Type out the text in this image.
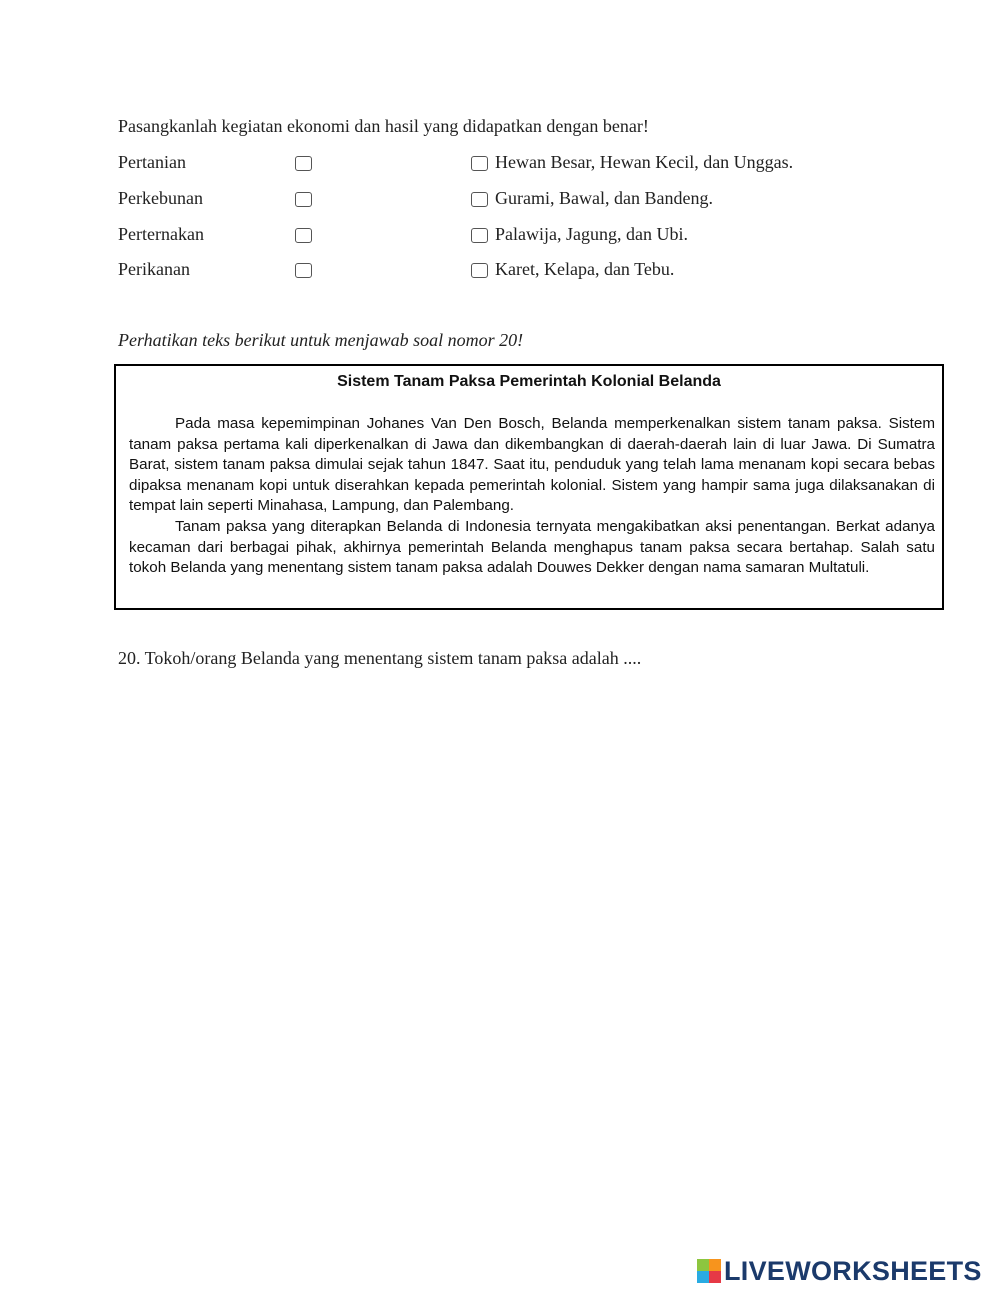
Pasangkanlah kegiatan ekonomi dan hasil yang didapatkan dengan benar!
Pertanian	Hewan Besar, Hewan Kecil, dan Unggas.
Perkebunan	Gurami, Bawal, dan Bandeng.
Perternakan	Palawija, Jagung, dan Ubi.
Perikanan	Karet, Kelapa, dan Tebu.
Perhatikan teks berikut untuk menjawab soal nomor 20!
Sistem Tanam Paksa Pemerintah Kolonial Belanda

Pada masa kepemimpinan Johanes Van Den Bosch, Belanda memperkenalkan sistem tanam paksa. Sistem tanam paksa pertama kali diperkenalkan di Jawa dan dikembangkan di daerah-daerah lain di luar Jawa. Di Sumatra Barat, sistem tanam paksa dimulai sejak tahun 1847. Saat itu, penduduk yang telah lama menanam kopi secara bebas dipaksa menanam kopi untuk diserahkan kepada pemerintah kolonial. Sistem yang hampir sama juga dilaksanakan di tempat lain seperti Minahasa, Lampung, dan Palembang.

Tanam paksa yang diterapkan Belanda di Indonesia ternyata mengakibatkan aksi penentangan. Berkat adanya kecaman dari berbagai pihak, akhirnya pemerintah Belanda menghapus tanam paksa secara bertahap. Salah satu tokoh Belanda yang menentang sistem tanam paksa adalah Douwes Dekker dengan nama samaran Multatuli.

20. Tokoh/orang Belanda yang menentang sistem tanam paksa adalah ....
LIVEWORKSHEETS
